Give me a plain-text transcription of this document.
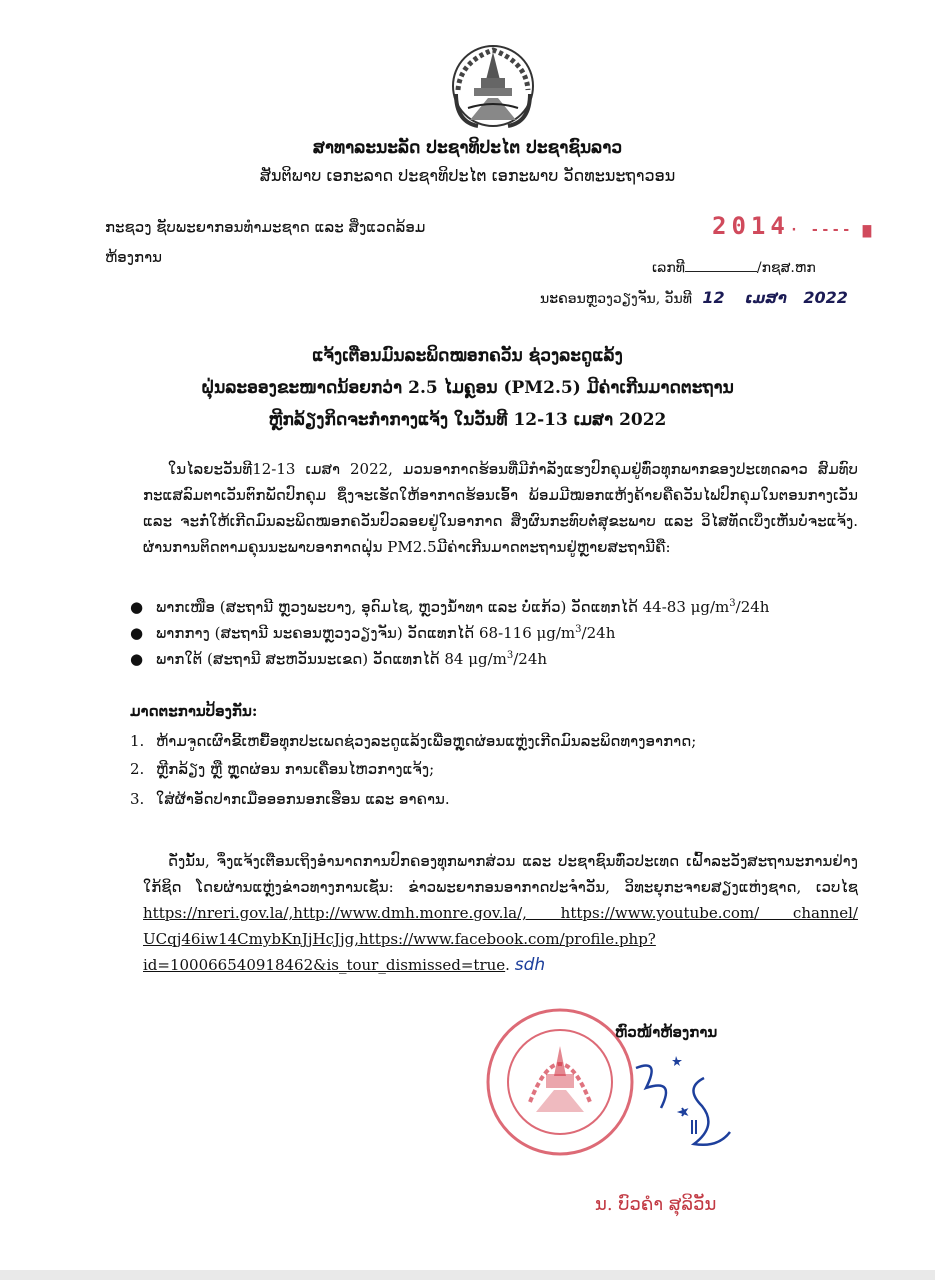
ສາທາລະນະລັດ ປະຊາທິປະໄຕ ປະຊາຊົນລາວ
ສັນຕິພາບ ເອກະລາດ ປະຊາທິປະໄຕ ເອກະພາບ ວັດທະນະຖາວອນ
ກະຊວງ ຊັບພະຍາກອນທຳມະຊາດ ແລະ ສິ່ງແວດລ້ອມ
ຫ້ອງການ
2014· ‐‐‐‐ ▆
ເລກທີ	/ກຊສ.ຫກ
ນະຄອນຫຼວງວຽງຈັນ, ວັນທີ 12 ເມສາ 2022
ແຈ້ງເຕືອນມົນລະພິດໝອກຄວັນ ຊ່ວງລະດູແລ້ງ
ຝຸ່ນລະອອງຂະໜາດນ້ອຍກວ່າ 2.5 ໄມຄຼອນ (PM2.5) ມີຄ່າເກີນມາດຕະຖານ
ຫຼີກລ້ຽງກິດຈະກຳກາງແຈ້ງ ໃນວັນທີ 12-13 ເມສາ 2022
ໃນໄລຍະວັນທີ12-13 ເມສາ 2022, ມວນອາກາດຮ້ອນທີ່ມີກຳລັງແຮງປົກຄຸມຢູ່ທົ່ວທຸກພາກຂອງປະເທດລາວ ສົມທົບກະແສລົມຕາເວັນຕົກພັດປົກຄຸມ ຊຶ່ງຈະເຮັດໃຫ້ອາກາດຮ້ອນເອົ້າ ພ້ອມມີໝອກແຫ້ງຄ້າຍຄືຄວັນໄຟປົກຄຸມໃນຕອນກາງເວັນ ແລະ ຈະກໍ່ໃຫ້ເກີດມົນລະພິດໝອກຄວັນປົວລອຍຢູ່ໃນອາກາດ ສິ່ງຜົນກະທົບຕໍ່ສຸຂະພາບ ແລະ ວິໄສທັດເບິ່ງເຫັນບໍ່ຈະແຈ້ງ. ຜ່ານການຕິດຕາມຄຸນນະພາບອາກາດຝຸ່ນ PM2.5ມີຄ່າເກີນມາດຕະຖານຢູ່ຫຼາຍສະຖານີຄື:
● ພາກເໜືອ (ສະຖານີ ຫຼວງພະບາງ, ອຸດົມໄຊ, ຫຼວງນ້ຳທາ ແລະ ບໍ່ແກ້ວ) ວັດແທກໄດ້ 44-83 $\mu g/m^3/24h$
● ພາກກາງ (ສະຖານີ ນະຄອນຫຼວງວຽງຈັນ) ວັດແທກໄດ້ 68-116 $\mu g/m^3/24h$
● ພາກໃຕ້ (ສະຖານີ ສະຫວັນນະເຂດ) ວັດແທກໄດ້ 84 $\mu g/m^3/24h$
ມາດຕະການປ້ອງກັນ:
1. ຫ້າມຈູດເຜົາຂີ້ເຫຍື້ອທຸກປະເພດຊ່ວງລະດູແລ້ງເພື່ອຫຼຸດຜ່ອນແຫຼ່ງເກີດມົນລະພິດທາງອາກາດ;
2. ຫຼີກລ້ຽງ ຫຼື ຫຼຸດຜ່ອນ ການເຄື່ອນໄຫວກາງແຈ້ງ;
3. ໃສ່ຜ້າອັດປາກເມື່ອອອກນອກເຮືອນ ແລະ ອາຄານ.
ດັ່ງນັ້ນ, ຈຶ່ງແຈ້ງເຕືອນເຖິງອຳນາດການປົກຄອງທຸກພາກສ່ວນ ແລະ ປະຊາຊົນທົ່ວປະເທດ ເຝົ້າລະວັງສະຖານະການຢ່າງໃກ້ຊິດ ໂດຍຜ່ານແຫຼ່ງຂ່າວທາງການເຊັ່ນ: ຂ່າວພະຍາກອນອາກາດປະຈຳວັນ, ວິທະຍຸກະຈາຍສຽງແຫ່ງຊາດ, ເວບໄຊ https://nreri.gov.la/,http://www.dmh.monre.gov.la/, https://www.youtube.com/ channel/ UCqj46iw14CmybKnJjHcJjg,https://www.facebook.com/profile.php?id=100066540918462&is_tour_dismissed=true. sdh
ຫົວໜ້າຫ້ອງການ
ນ. ບົວຄຳ ສຸລິວັນ
